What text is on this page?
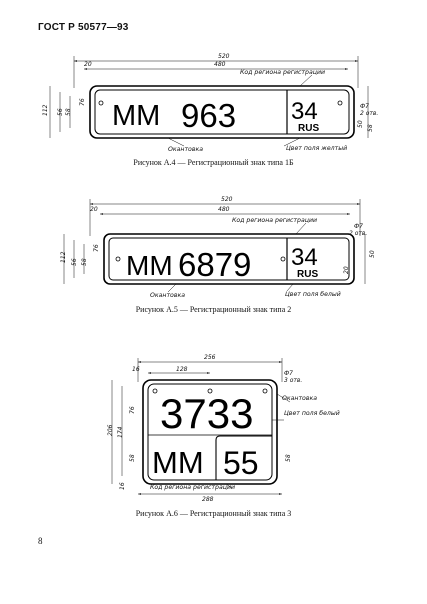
ГОСТ Р 50577—93
520
480
20
ММ 963 34
RUS
112 56 58
76
Ф7
2 отв.
58
50
Код региона регистрации
Окантовка	Цвет поля желтый
520
480
20
ММ 6879 34
RUS
112 56 58
76
Ф7
2 отв.
50
20
Код региона регистрации
Окантовка	Цвет поля белый
256
128
16
3733
ММ 55
206 174
76
58
16
Ф7
3 отв.
58
288
Окантовка
Цвет поля белый
Код региона регистрации
Рисунок А.4 — Регистрационный знак типа 1Б
Рисунок А.5 — Регистрационный знак типа 2
Рисунок А.6 — Регистрационный знак типа 3
8
